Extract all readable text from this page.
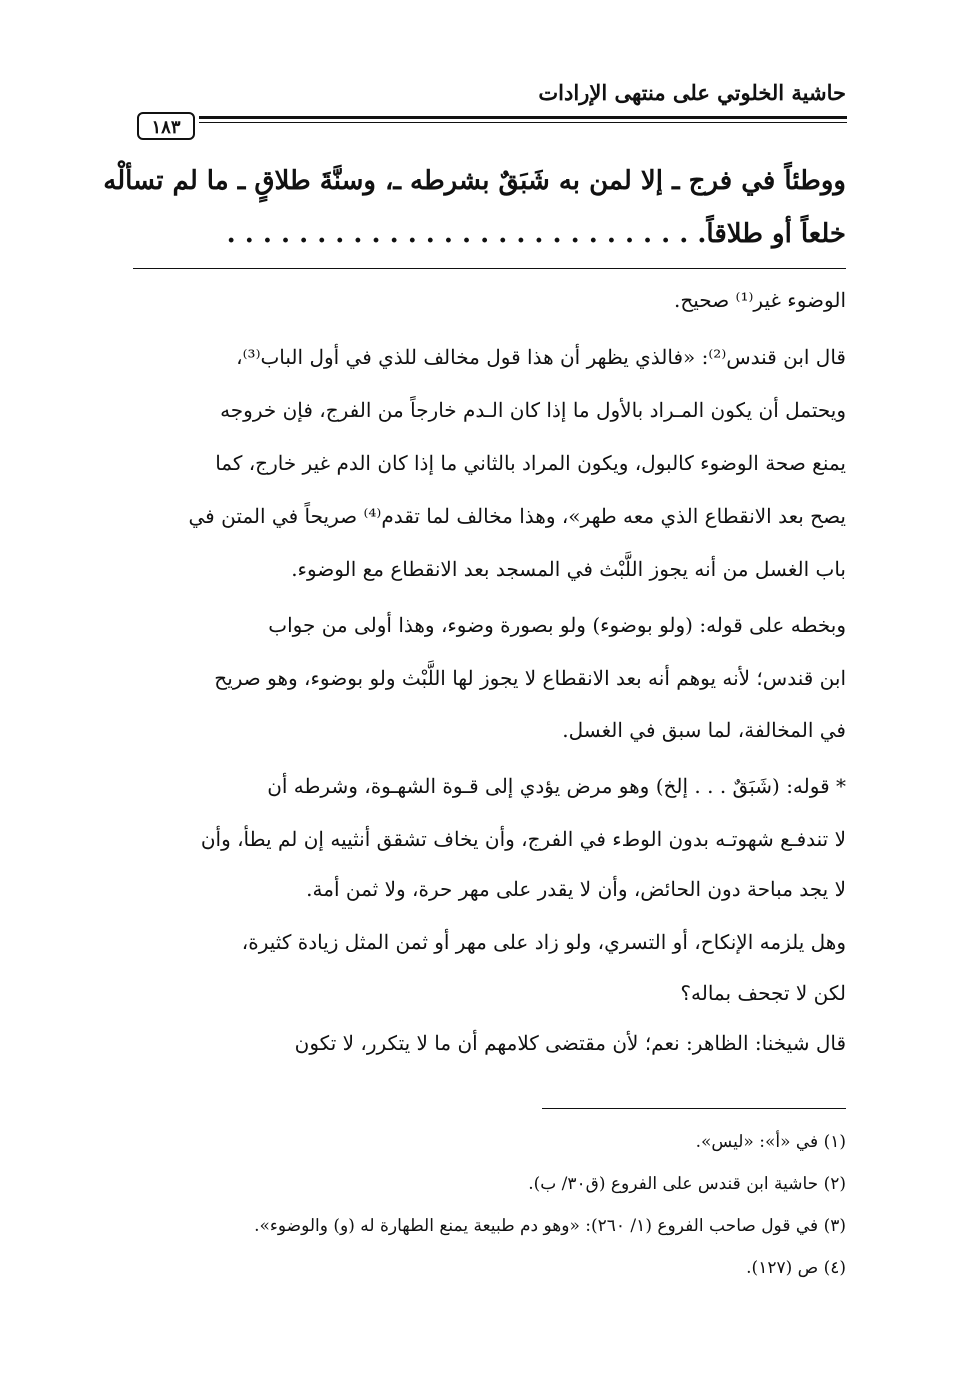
حاشية الخلوتي على منتهى الإرادات
١٨٣
ووطئاً في فرج ـ إلا لمن به شَبَقٌ بشرطه ـ، وسنَّةَ طلاقٍ ـ ما لم تسألْه
خلعاً أو طلاقاً. . . . . . . . . . . . . . . . . . . . . . . . . . .
الوضوء غير⁽¹⁾ صحيح.
قال ابن قندس⁽²⁾: «فالذي يظهر أن هذا قول مخالف للذي في أول الباب⁽³⁾،
ويحتمل أن يكون المـراد بالأول ما إذا كان الـدم خارجاً من الفرج، فإن خروجه
يمنع صحة الوضوء كالبول، ويكون المراد بالثاني ما إذا كان الدم غير خارج، كما
يصح بعد الانقطاع الذي معه طهر»، وهذا مخالف لما تقدم⁽⁴⁾ صريحاً في المتن في
باب الغسل من أنه يجوز اللَّبْث في المسجد بعد الانقطاع مع الوضوء.
وبخطه على قوله: (ولو بوضوء) ولو بصورة وضوء، وهذا أولى من جواب
ابن قندس؛ لأنه يوهم أنه بعد الانقطاع لا يجوز لها اللَّبْث ولو بوضوء، وهو صريح
في المخالفة، لما سبق في الغسل.
* قوله: (شَبَقٌ . . . إلخ) وهو مرض يؤدي إلى قـوة الشهـوة، وشرطه أن
لا تندفـع شهوتـه بدون الوطء في الفرج، وأن يخاف تشقق أنثييه إن لم يطأ، وأن
لا يجد مباحة دون الحائض، وأن لا يقدر على مهر حرة، ولا ثمن أمة.
وهل يلزمه الإنكاح، أو التسري، ولو زاد على مهر أو ثمن المثل زيادة كثيرة،
لكن لا تجحف بماله؟
قال شيخنا: الظاهر: نعم؛ لأن مقتضى كلامهم أن ما لا يتكرر، لا تكون
(١) في «أ»: «ليس».
(٢) حاشية ابن قندس على الفروع (ق٣٠/ ب).
(٣) في قول صاحب الفروع (١/ ٢٦٠): «وهو دم طبيعة يمنع الطهارة له (و) والوضوء».
(٤) ص (١٢٧).
